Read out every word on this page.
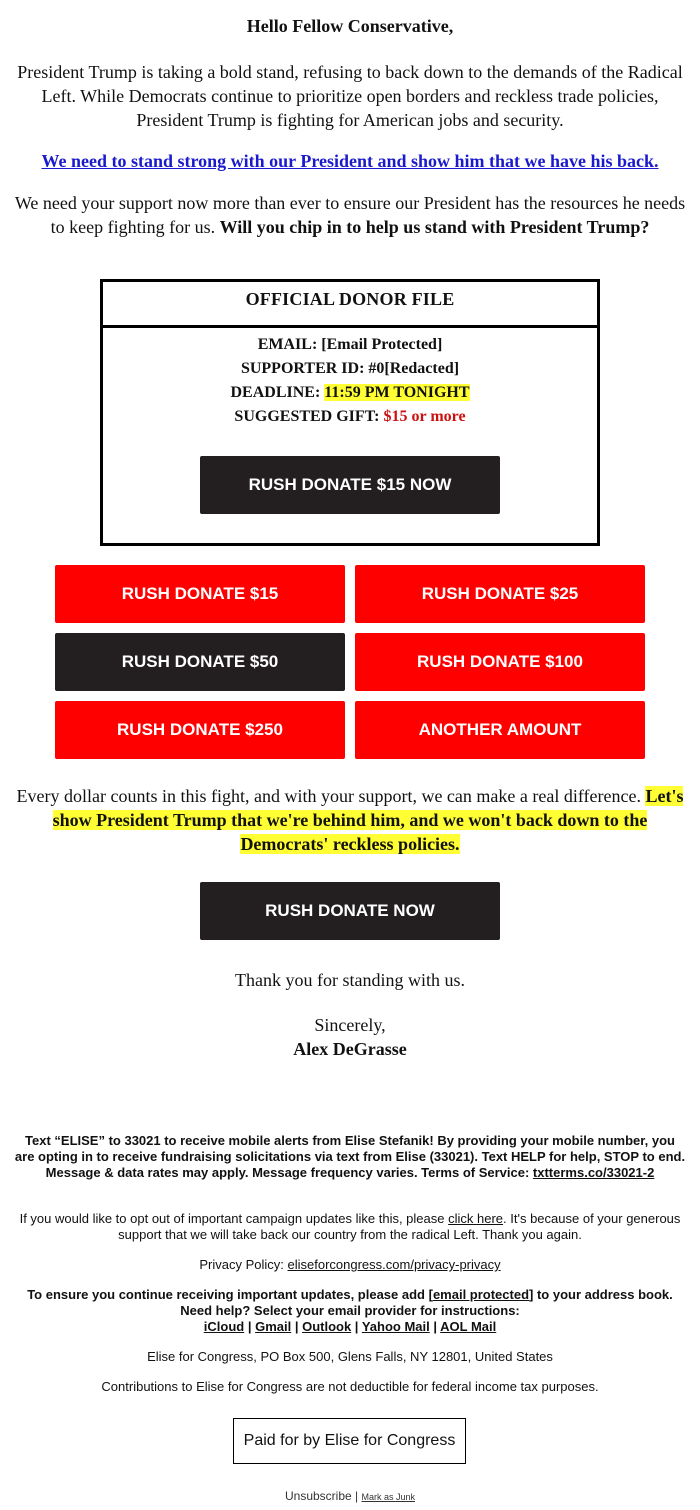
Hello Fellow Conservative,
President Trump is taking a bold stand, refusing to back down to the demands of the Radical Left. While Democrats continue to prioritize open borders and reckless trade policies, President Trump is fighting for American jobs and security.
We need to stand strong with our President and show him that we have his back.
We need your support now more than ever to ensure our President has the resources he needs to keep fighting for us. Will you chip in to help us stand with President Trump?
OFFICIAL DONOR FILE
EMAIL: [Email Protected]
SUPPORTER ID: #0[Redacted]
DEADLINE: 11:59 PM TONIGHT
SUGGESTED GIFT: $15 or more
RUSH DONATE $15 NOW
RUSH DONATE $15	RUSH DONATE $25
RUSH DONATE $50	RUSH DONATE $100
RUSH DONATE $250	ANOTHER AMOUNT
Every dollar counts in this fight, and with your support, we can make a real difference. Let's show President Trump that we're behind him, and we won't back down to the Democrats' reckless policies.
RUSH DONATE NOW
Thank you for standing with us.
Sincerely,
Alex DeGrasse
Text “ELISE” to 33021 to receive mobile alerts from Elise Stefanik! By providing your mobile number, you are opting in to receive fundraising solicitations via text from Elise (33021). Text HELP for help, STOP to end. Message & data rates may apply. Message frequency varies. Terms of Service: txtterms.co/33021-2
If you would like to opt out of important campaign updates like this, please click here. It's because of your generous support that we will take back our country from the radical Left. Thank you again.
Privacy Policy: eliseforcongress.com/privacy-privacy
To ensure you continue receiving important updates, please add [email protected] to your address book. Need help? Select your email provider for instructions:
iCloud | Gmail | Outlook | Yahoo Mail | AOL Mail
Elise for Congress, PO Box 500, Glens Falls, NY 12801, United States
Contributions to Elise for Congress are not deductible for federal income tax purposes.
Paid for by Elise for Congress
Unsubscribe | Mark as Junk
